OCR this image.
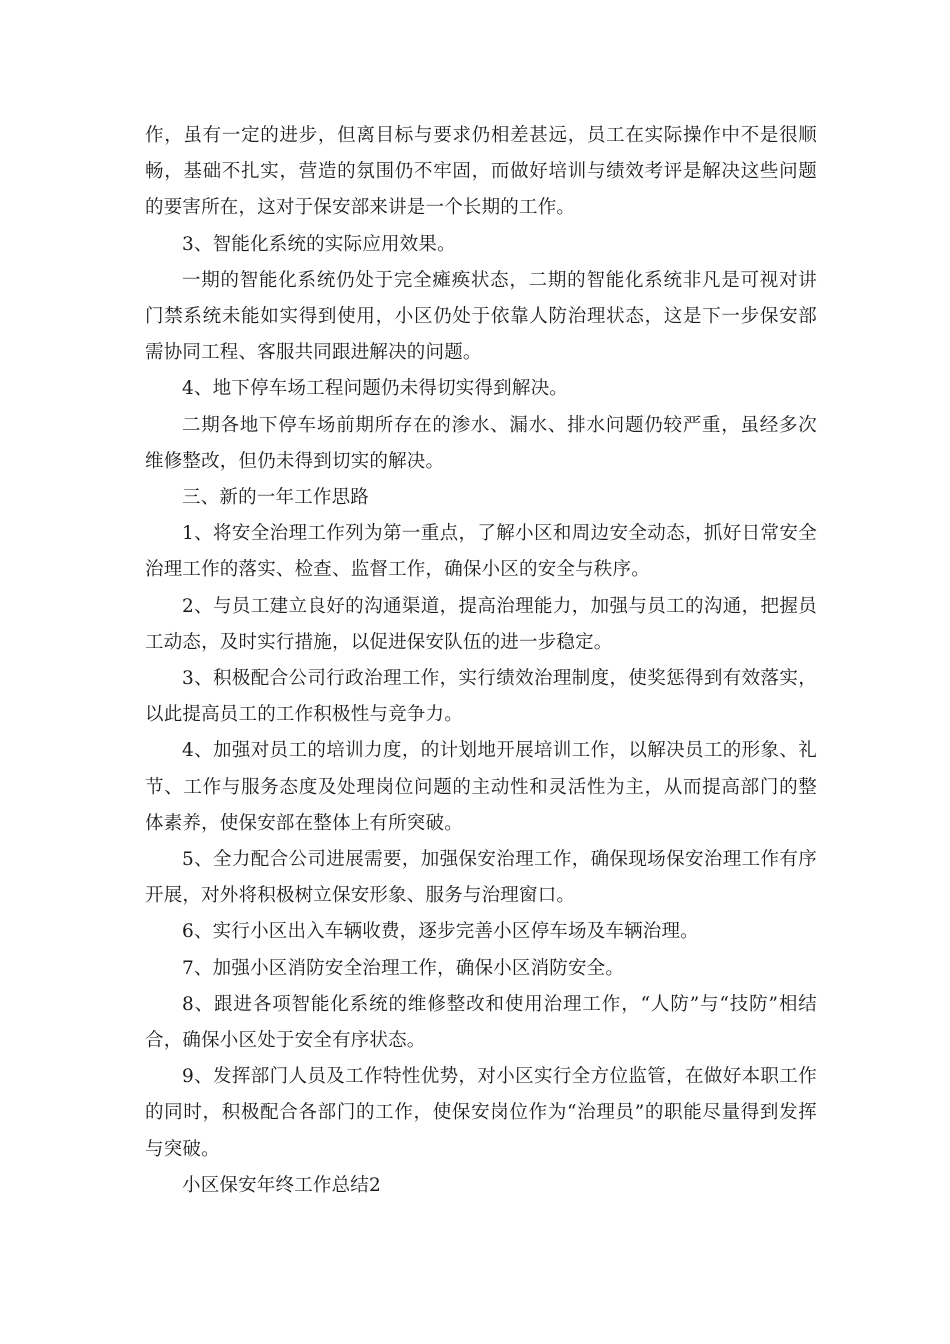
作，虽有一定的进步，但离目标与要求仍相差甚远，员工在实际操作中不是很顺畅，基础不扎实，营造的氛围仍不牢固，而做好培训与绩效考评是解决这些问题的要害所在，这对于保安部来讲是一个长期的工作。

3、智能化系统的实际应用效果。

一期的智能化系统仍处于完全瘫痪状态，二期的智能化系统非凡是可视对讲门禁系统未能如实得到使用，小区仍处于依靠人防治理状态，这是下一步保安部需协同工程、客服共同跟进解决的问题。

4、地下停车场工程问题仍未得切实得到解决。

二期各地下停车场前期所存在的渗水、漏水、排水问题仍较严重，虽经多次维修整改，但仍未得到切实的解决。

三、新的一年工作思路

1、将安全治理工作列为第一重点，了解小区和周边安全动态，抓好日常安全治理工作的落实、检查、监督工作，确保小区的安全与秩序。

2、与员工建立良好的沟通渠道，提高治理能力，加强与员工的沟通，把握员工动态，及时实行措施，以促进保安队伍的进一步稳定。

3、积极配合公司行政治理工作，实行绩效治理制度，使奖惩得到有效落实，以此提高员工的工作积极性与竞争力。

4、加强对员工的培训力度，的计划地开展培训工作，以解决员工的形象、礼节、工作与服务态度及处理岗位问题的主动性和灵活性为主，从而提高部门的整体素养，使保安部在整体上有所突破。

5、全力配合公司进展需要，加强保安治理工作，确保现场保安治理工作有序开展，对外将积极树立保安形象、服务与治理窗口。

6、实行小区出入车辆收费，逐步完善小区停车场及车辆治理。

7、加强小区消防安全治理工作，确保小区消防安全。

8、跟进各项智能化系统的维修整改和使用治理工作，“人防”与“技防”相结合，确保小区处于安全有序状态。

9、发挥部门人员及工作特性优势，对小区实行全方位监管，在做好本职工作的同时，积极配合各部门的工作，使保安岗位作为“治理员”的职能尽量得到发挥与突破。

小区保安年终工作总结2
